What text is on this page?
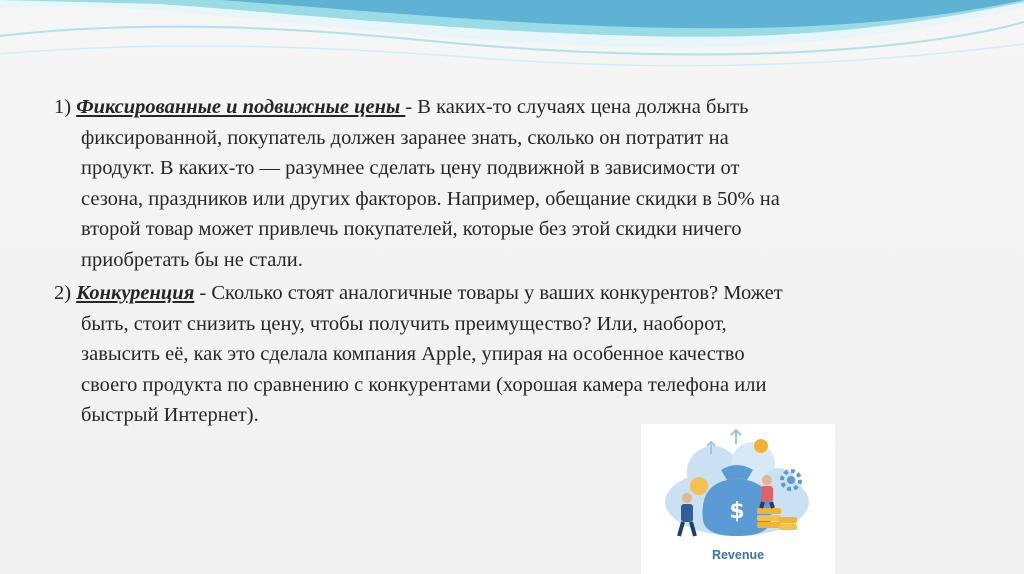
1) Фиксированные и подвижные цены - В каких-то случаях цена должна быть
фиксированной, покупатель должен заранее знать, сколько он потратит на
продукт. В каких-то — разумнее сделать цену подвижной в зависимости от
сезона, праздников или других факторов. Например, обещание скидки в 50% на
второй товар может привлечь покупателей, которые без этой скидки ничего
приобретать бы не стали.
2) Конкуренция - Сколько стоят аналогичные товары у ваших конкурентов? Может
быть, стоит снизить цену, чтобы получить преимущество? Или, наоборот,
завысить её, как это сделала компания Apple, упирая на особенное качество
своего продукта по сравнению с конкурентами (хорошая камера телефона или
быстрый Интернет).
$
Revenue
